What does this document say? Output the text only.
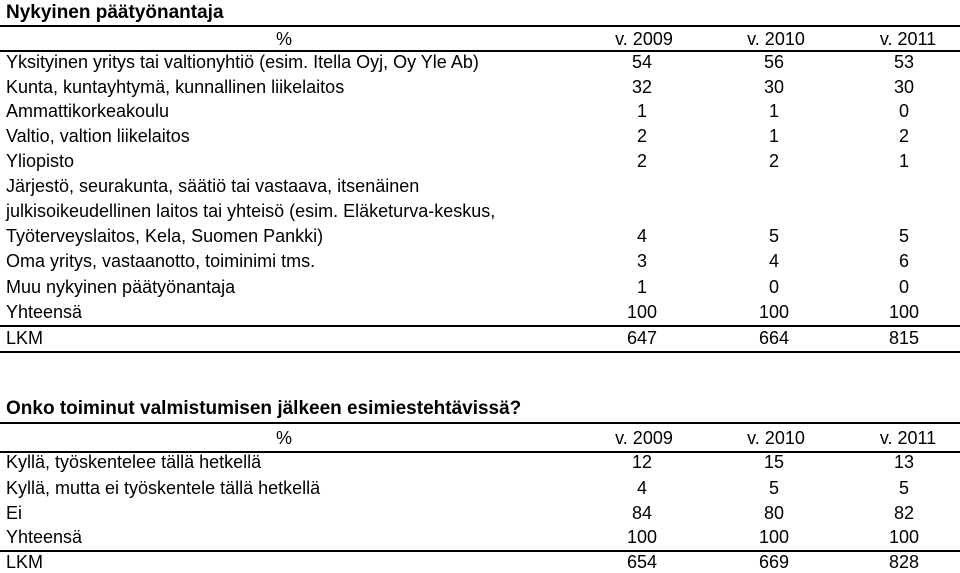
Nykyinen päätyönantaja
%	v. 2009	v. 2010	v. 2011
Yksityinen yritys tai valtionyhtiö (esim. Itella Oyj, Oy Yle Ab)	54	56	53
Kunta, kuntayhtymä, kunnallinen liikelaitos	32	30	30
Ammattikorkeakoulu	1	1	0
Valtio, valtion liikelaitos	2	1	2
Yliopisto	2	2	1
Järjestö, seurakunta, säätiö tai vastaava, itsenäinen
julkisoikeudellinen laitos tai yhteisö (esim. Eläketurva-keskus,
Työterveyslaitos, Kela, Suomen Pankki)	4	5	5
Oma yritys, vastaanotto, toiminimi tms.	3	4	6
Muu nykyinen päätyönantaja	1	0	0
Yhteensä	100	100	100
LKM	647	664	815
Onko toiminut valmistumisen jälkeen esimiestehtävissä?
%	v. 2009	v. 2010	v. 2011
Kyllä, työskentelee tällä hetkellä	12	15	13
Kyllä, mutta ei työskentele tällä hetkellä	4	5	5
Ei	84	80	82
Yhteensä	100	100	100
LKM	654	669	828
